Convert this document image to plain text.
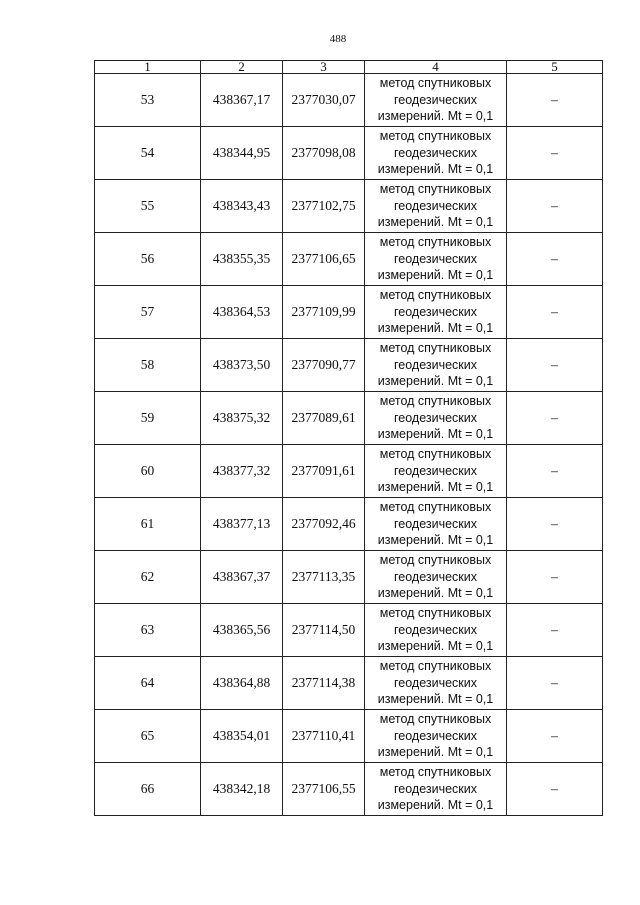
488
1	2	3	4	5
53	438367,17	2377030,07	метод спутниковых
геодезических
измерений. Mt = 0,1	–
54	438344,95	2377098,08	метод спутниковых
геодезических
измерений. Mt = 0,1	–
55	438343,43	2377102,75	метод спутниковых
геодезических
измерений. Mt = 0,1	–
56	438355,35	2377106,65	метод спутниковых
геодезических
измерений. Mt = 0,1	–
57	438364,53	2377109,99	метод спутниковых
геодезических
измерений. Mt = 0,1	–
58	438373,50	2377090,77	метод спутниковых
геодезических
измерений. Mt = 0,1	–
59	438375,32	2377089,61	метод спутниковых
геодезических
измерений. Mt = 0,1	–
60	438377,32	2377091,61	метод спутниковых
геодезических
измерений. Mt = 0,1	–
61	438377,13	2377092,46	метод спутниковых
геодезических
измерений. Mt = 0,1	–
62	438367,37	2377113,35	метод спутниковых
геодезических
измерений. Mt = 0,1	–
63	438365,56	2377114,50	метод спутниковых
геодезических
измерений. Mt = 0,1	–
64	438364,88	2377114,38	метод спутниковых
геодезических
измерений. Mt = 0,1	–
65	438354,01	2377110,41	метод спутниковых
геодезических
измерений. Mt = 0,1	–
66	438342,18	2377106,55	метод спутниковых
геодезических
измерений. Mt = 0,1	–
